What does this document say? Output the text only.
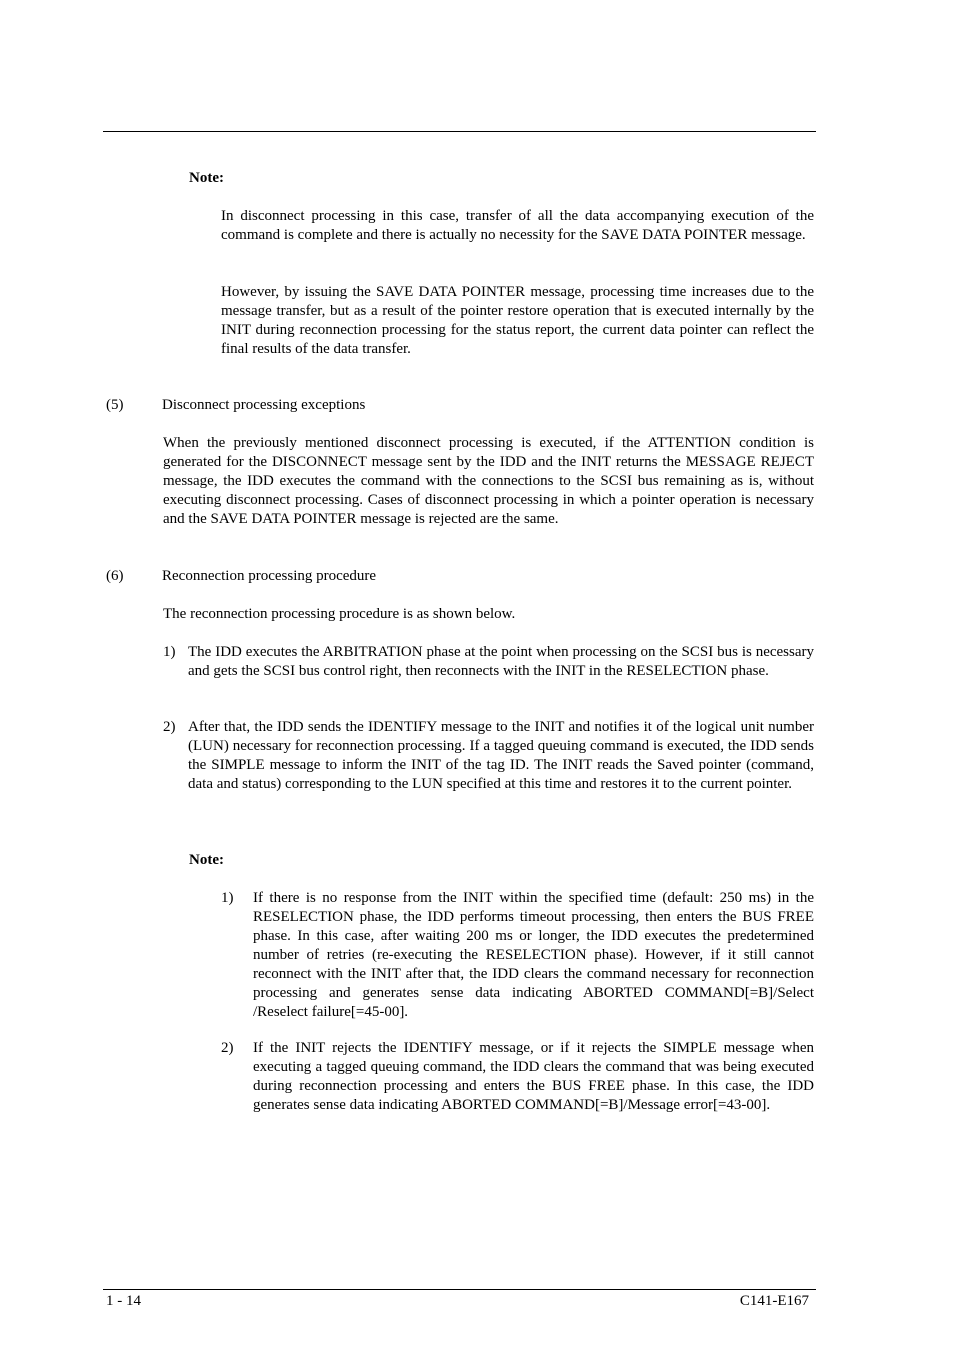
Note:
In disconnect processing in this case, transfer of all the data accompanying execution of the command is complete and there is actually no necessity for the SAVE DATA POINTER message.
However, by issuing the SAVE DATA POINTER message, processing time increases due to the message transfer, but as a result of the pointer restore operation that is executed internally by the INIT during reconnection processing for the status report, the current data pointer can reflect the final results of the data transfer.
(5)	Disconnect processing exceptions
When the previously mentioned disconnect processing is executed, if the ATTENTION condition is generated for the DISCONNECT message sent by the IDD and the INIT returns the MESSAGE REJECT message, the IDD executes the command with the connections to the SCSI bus remaining as is, without executing disconnect processing. Cases of disconnect processing in which a pointer operation is necessary and the SAVE DATA POINTER message is rejected are the same.
(6)	Reconnection processing procedure
The reconnection processing procedure is as shown below.
1) The IDD executes the ARBITRATION phase at the point when processing on the SCSI bus is necessary and gets the SCSI bus control right, then reconnects with the INIT in the RESELECTION phase.
2) After that, the IDD sends the IDENTIFY message to the INIT and notifies it of the logical unit number (LUN) necessary for reconnection processing. If a tagged queuing command is executed, the IDD sends the SIMPLE message to inform the INIT of the tag ID. The INIT reads the Saved pointer (command, data and status) corresponding to the LUN specified at this time and restores it to the current pointer.
Note:
1) If there is no response from the INIT within the specified time (default: 250 ms) in the RESELECTION phase, the IDD performs timeout processing, then enters the BUS FREE phase. In this case, after waiting 200 ms or longer, the IDD executes the predetermined number of retries (re-executing the RESELECTION phase). However, if it still cannot reconnect with the INIT after that, the IDD clears the command necessary for reconnection processing and generates sense data indicating ABORTED COMMAND[=B]/Select /Reselect failure[=45-00].
2) If the INIT rejects the IDENTIFY message, or if it rejects the SIMPLE message when executing a tagged queuing command, the IDD clears the command that was being executed during reconnection processing and enters the BUS FREE phase. In this case, the IDD generates sense data indicating ABORTED COMMAND[=B]/Message error[=43-00].
1 - 14	C141-E167
